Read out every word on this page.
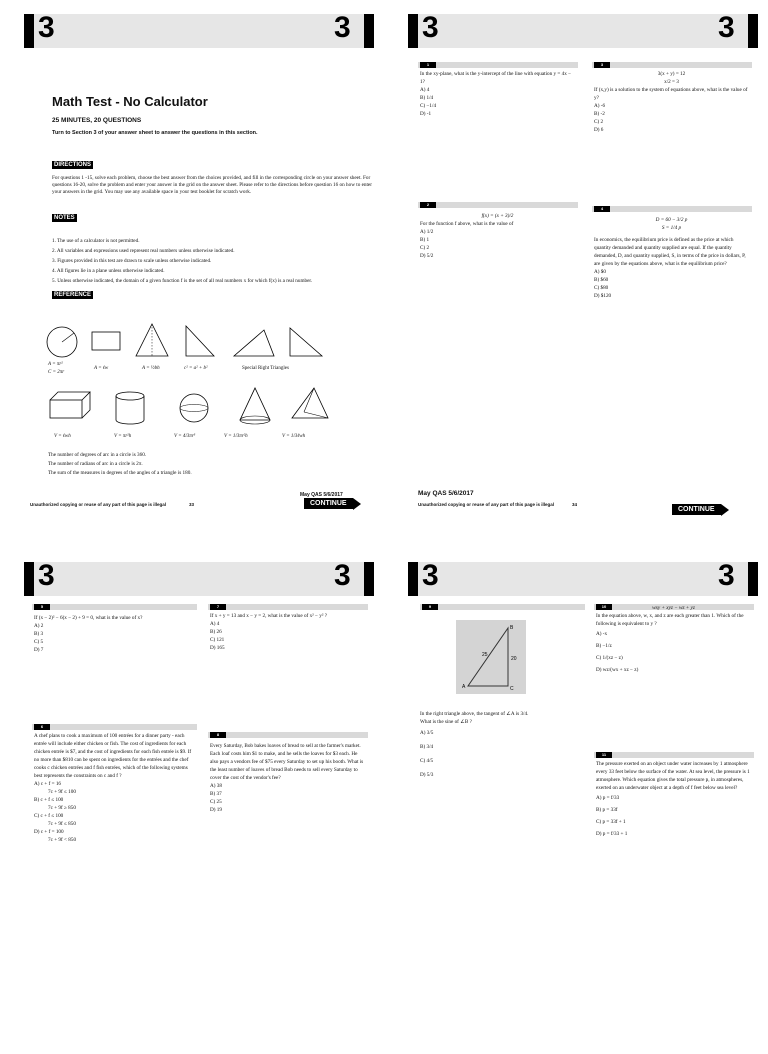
3	3
Math Test - No Calculator
25 MINUTES, 20 QUESTIONS
Turn to Section 3 of your answer sheet to answer the questions in this section.
DIRECTIONS
For questions 1 -15, solve each problem, choose the best answer from the choices provided, and fill in the corresponding circle on your answer sheet. For questions 16-20, solve the problem and enter your answer in the grid on the answer sheet. Please refer to the directions before question 16 on how to enter your answers in the grid. You may use any available space in your test booklet for scratch work.
NOTES
1. The use of a calculator is not permitted.
2. All variables and expressions used represent real numbers unless otherwise indicated.
3. Figures provided in this test are drawn to scale unless otherwise indicated.
4. All figures lie in a plane unless otherwise indicated.
5. Unless otherwise indicated, the domain of a given function f is the set of all real numbers x for which f(x) is a real number.
REFERENCE
A = πr²
C = 2πr
A = ℓw	A = ½bh	c² = a² + b²	Special Right Triangles
V = ℓwh	V = πr²h	V = 4/3πr³	V = 1/3πr²h	V = 1/3ℓwh
The number of degrees of arc in a circle is 360.
The number of radians of arc in a circle is 2π.
The sum of the measures in degrees of the angles of a triangle is 180.
May QAS 5/6/2017
Unauthorized copying or reuse of any part of this page is illegal	33	CONTINUE
3	3
1
In the xy-plane, what is the y-intercept of the line with equation y = 4x − 1?
A) 4
B) 1/4
C) −1/4
D) -1
2
f(x) = (x + 3)/2
For the function f above, what is the value of
A) 1/2
B) 1
C) 2
D) 5/2
3
3(x + y) = 12
x/2 = 3
If (x,y) is a solution to the system of equations above, what is the value of y?
A) -6
B) -2
C) 2
D) 6
4
D = 60 − 3/2 p
S = 1/4 p
In economics, the equilibrium price is defined as the price at which quantity demanded and quantity supplied are equal. If the quantity demanded, D, and quantity supplied, S, in terms of the price in dollars, P, are given by the equations above, what is the equilibrium price?
A) $0
B) $60
C) $80
D) $120
May QAS 5/6/2017
Unauthorized copying or reuse of any part of this page is illegal	34
CONTINUE
3	3
5
If (x − 2)² − 6(x − 2) + 9 = 0, what is the value of x?
A) 2
B) 3
C) 5
D) 7
6
A chef plans to cook a maximum of 100 entrées for a dinner party - each entrée will include either chicken or fish. The cost of ingredients for each chicken entrée is $7, and the cost of ingredients for each fish entrée is $9. If no more than $810 can be spent on ingredients for the entrées and the chef cooks c chicken entrées and f fish entrées, which of the following systems best represents the constraints on c and f ?
A) c + f = 16
7c + 9f ≤ 100
B) c + f ≤ 100
7c + 9f ≥ 850
C) c + f ≤ 100
7c + 9f ≤ 850
D) c + f = 100
7c + 9f < 850
7
If x + y = 13 and x − y = 2, what is the value of x² − y² ?
A) 4
B) 26
C) 121
D) 165
8
Every Saturday, Bob bakes loaves of bread to sell at the farmer's market. Each loaf costs him $1 to make, and he sells the loaves for $3 each. He also pays a vendors fee of $75 every Saturday to set up his booth. What is the least number of loaves of bread Bob needs to sell every Saturday to cover the cost of the vendor's fee?
A) 38
B) 37
C) 25
D) 19
3	3
9
B
25
20
A	C
In the right triangle above, the tangent of ∠A is 3/4.
What is the sine of ∠B ?
A) 3/5
B) 3/4
C) 4/5
D) 5/3
10	wxy + xyz − wz + yz
In the equation above, w, x, and z are each greater than 1. Which of the following is equivalent to y ?
A) -x
B) −1/z
C) 1/(xz − z)
D) wz/(wx + xz − z)
11
The pressure exerted on an object under water increases by 1 atmosphere every 33 feet below the surface of the water. At sea level, the pressure is 1 atmosphere. Which equation gives the total pressure p, in atmospheres, exerted on an underwater object at a depth of f feet below sea level?
A) p = f/33
B) p = 33f
C) p = 33f + 1
D) p = f/33 + 1
